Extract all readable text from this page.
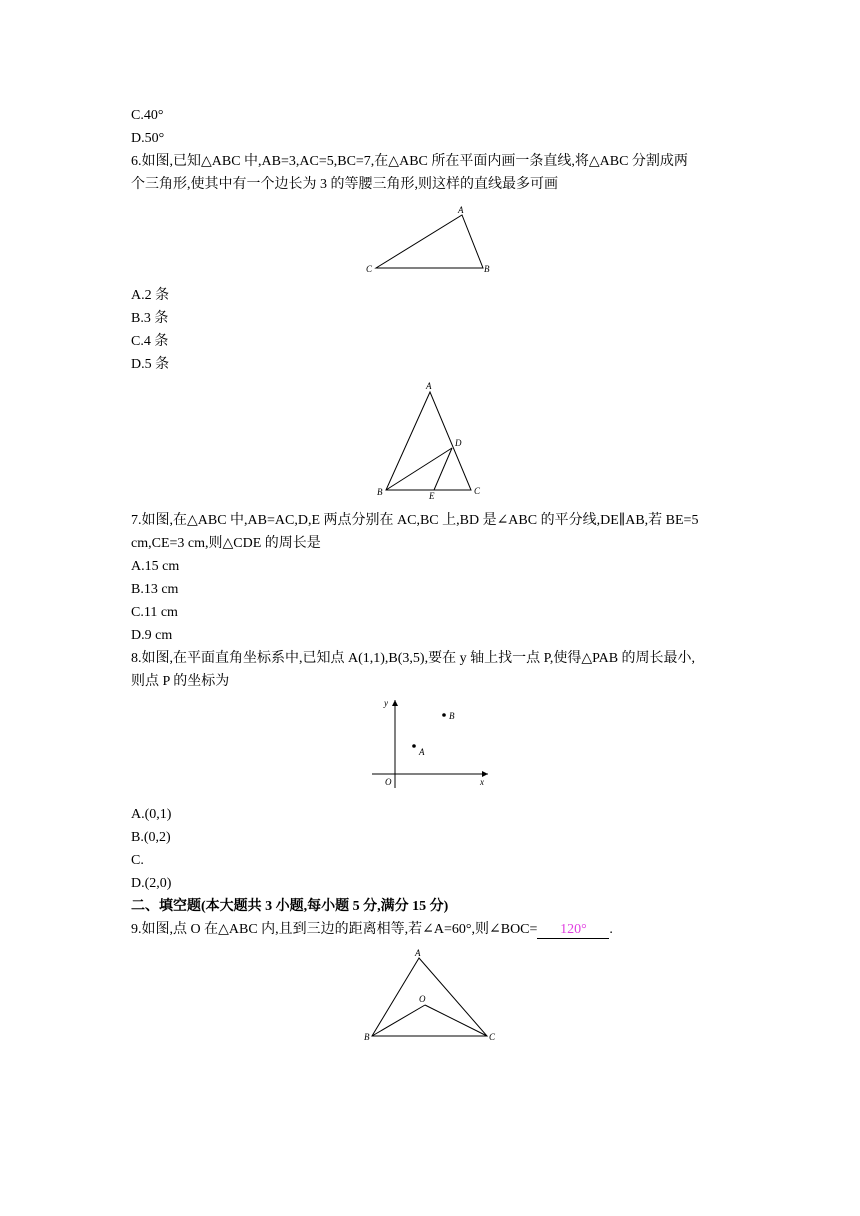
C.40°
D.50°
6.如图,已知△ABC 中,AB=3,AC=5,BC=7,在△ABC 所在平面内画一条直线,将△ABC 分割成两
个三角形,使其中有一个边长为 3 的等腰三角形,则这样的直线最多可画
A
C	B
A.2 条
B.3 条
C.4 条
D.5 条
A
D
B	E	C
7.如图,在△ABC 中,AB=AC,D,E 两点分别在 AC,BC 上,BD 是∠ABC 的平分线,DE∥AB,若 BE=5
cm,CE=3 cm,则△CDE 的周长是
A.15 cm
B.13 cm
C.11 cm
D.9 cm
8.如图,在平面直角坐标系中,已知点 A(1,1),B(3,5),要在 y 轴上找一点 P,使得△PAB 的周长最小,
则点 P 的坐标为
y
x
O
A
B
A.(0,1)
B.(0,2)
C.
D.(2,0)
二、填空题(本大题共 3 小题,每小题 5 分,满分 15 分)
9.如图,点 O 在△ABC 内,且到三边的距离相等,若∠A=60°,则∠BOC= 120° .
A
O
B	C
